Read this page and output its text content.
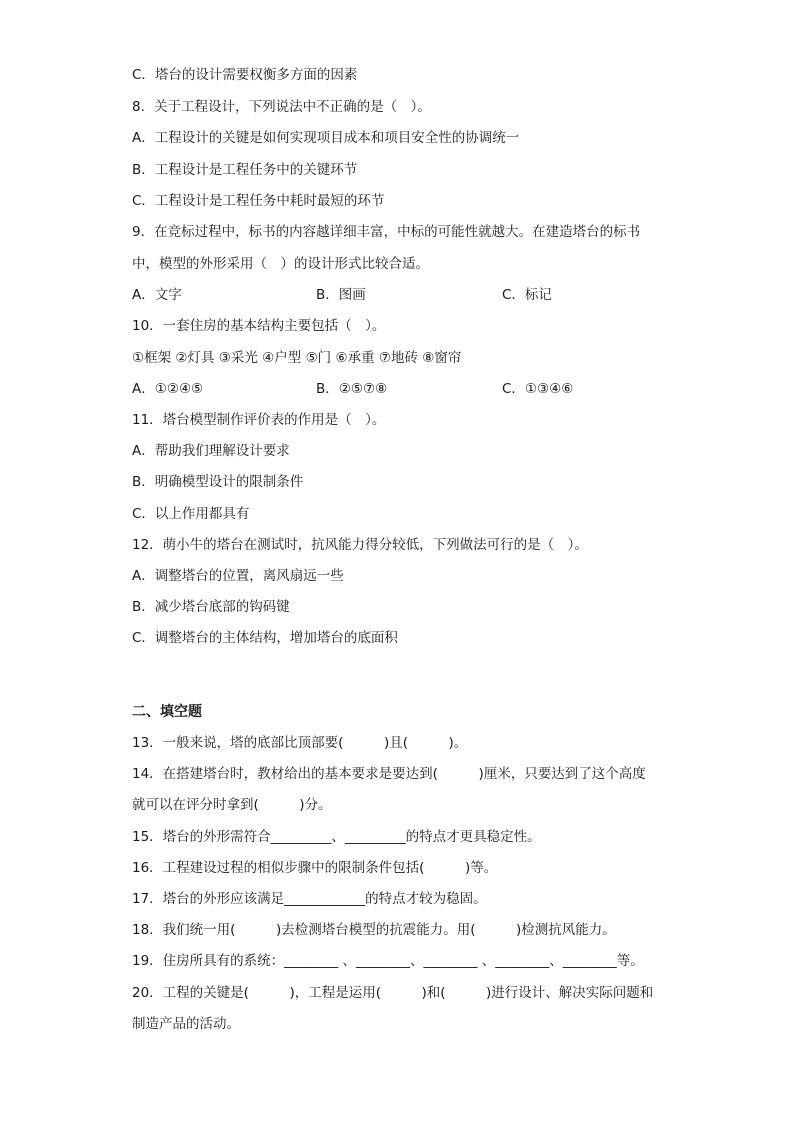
C．塔台的设计需要权衡多方面的因素
8．关于工程设计，下列说法中不正确的是（　）。
A．工程设计的关键是如何实现项目成本和项目安全性的协调统一
B．工程设计是工程任务中的关键环节
C．工程设计是工程任务中耗时最短的环节
9．在竞标过程中，标书的内容越详细丰富，中标的可能性就越大。在建造塔台的标书
中，模型的外形采用（　）的设计形式比较合适。
A．文字	B．图画	C．标记
10．一套住房的基本结构主要包括（　）。
①框架 ②灯具 ③采光 ④户型 ⑤门 ⑥承重 ⑦地砖 ⑧窗帘
A．①②④⑤	B．②⑤⑦⑧	C．①③④⑥
11．塔台模型制作评价表的作用是（　）。
A．帮助我们理解设计要求
B．明确模型设计的限制条件
C．以上作用都具有
12．萌小牛的塔台在测试时，抗风能力得分较低，下列做法可行的是（　）。
A．调整塔台的位置，离风扇远一些
B．减少塔台底部的钩码键
C．调整塔台的主体结构，增加塔台的底面积
二、填空题
13．一般来说，塔的底部比顶部要(　　　)且(　　　)。
14．在搭建塔台时，教材给出的基本要求是要达到(　　　)厘米，只要达到了这个高度
就可以在评分时拿到(　　　)分。
15．塔台的外形需符合_________、_________的特点才更具稳定性。
16．工程建设过程的相似步骤中的限制条件包括(　　　)等。
17．塔台的外形应该满足____________的特点才较为稳固。
18．我们统一用(　　　)去检测塔台模型的抗震能力。用(　　　)检测抗风能力。
19．住房所具有的系统：________ 、________、________ 、________、________等。
20．工程的关键是(　　　)，工程是运用(　　　)和(　　　)进行设计、解决实际问题和
制造产品的活动。
